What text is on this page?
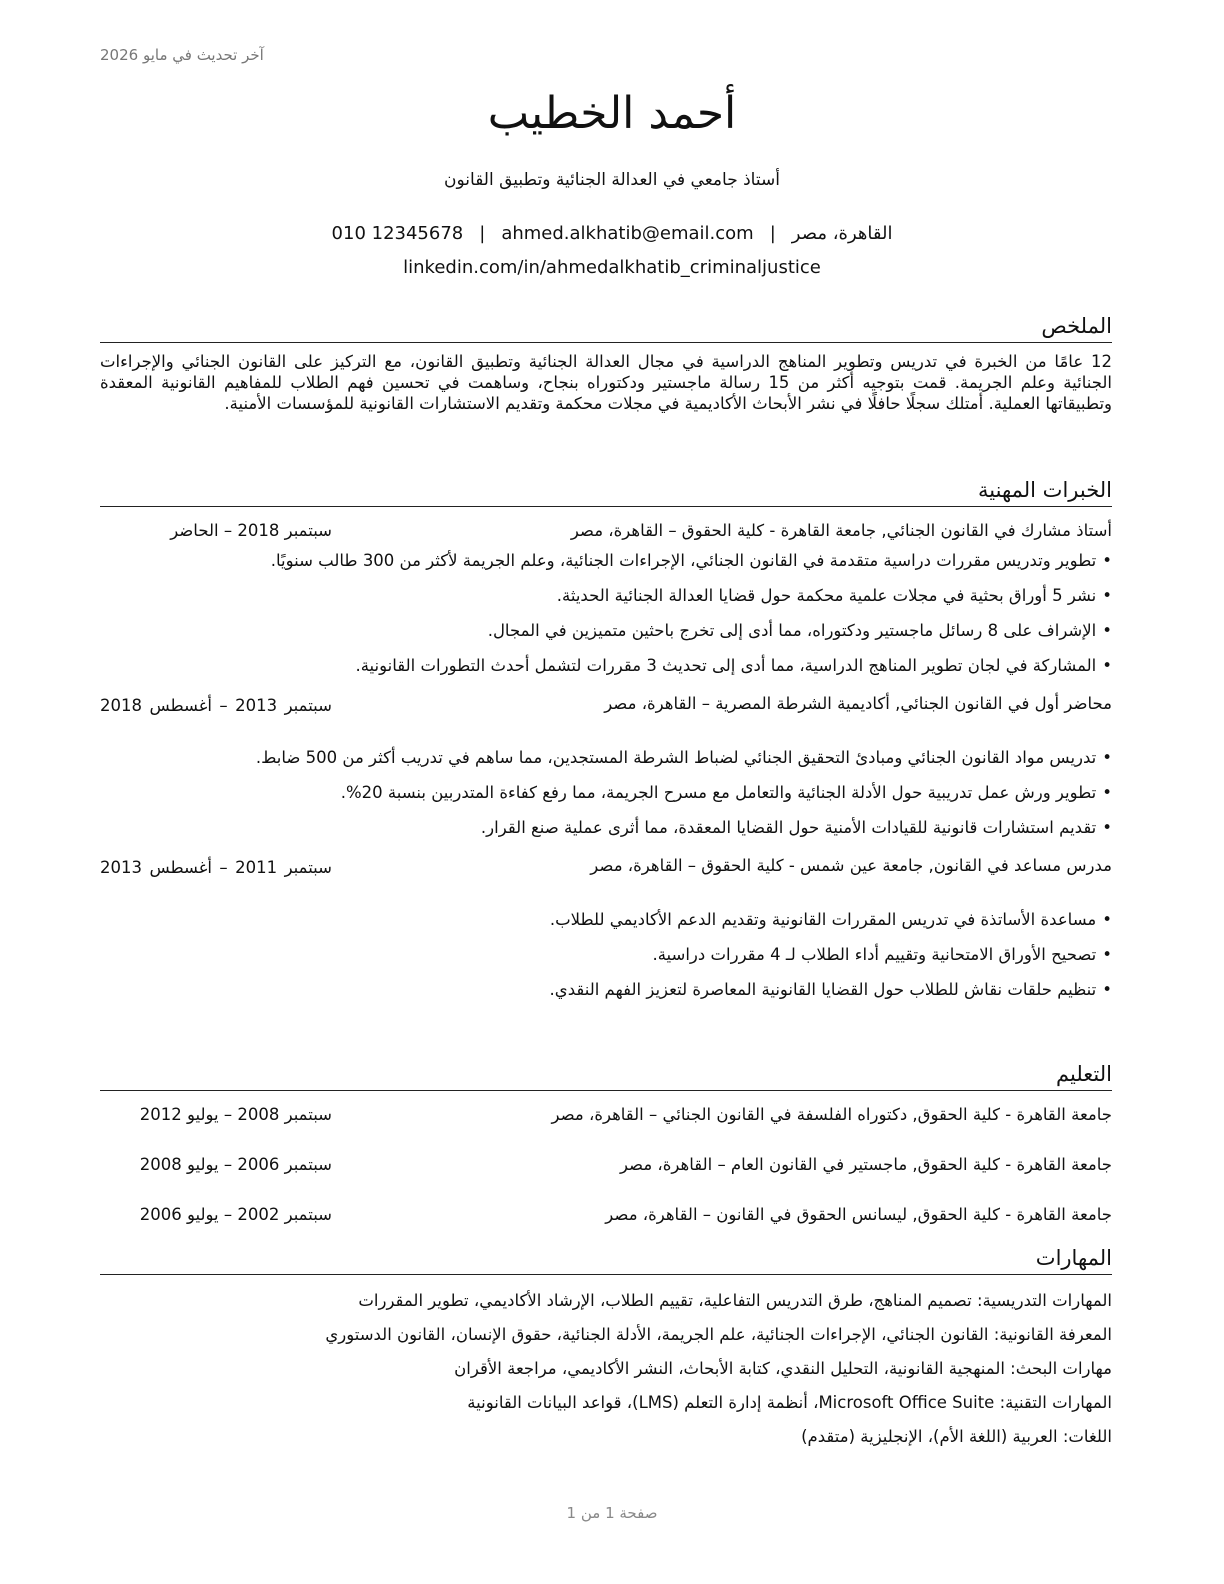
آخر تحديث في مايو 2026
أحمد الخطيب
أستاذ جامعي في العدالة الجنائية وتطبيق القانون
القاهرة، مصر|ahmed.alkhatib@email.com|010 12345678
linkedin.com/in/ahmedalkhatib_criminaljustice
الملخص
12 عامًا من الخبرة في تدريس وتطوير المناهج الدراسية في مجال العدالة الجنائية وتطبيق القانون، مع التركيز على القانون الجنائي والإجراءات الجنائية وعلم الجريمة. قمت بتوجيه أكثر من 15 رسالة ماجستير ودكتوراه بنجاح، وساهمت في تحسين فهم الطلاب للمفاهيم القانونية المعقدة وتطبيقاتها العملية. أمتلك سجلًا حافلًا في نشر الأبحاث الأكاديمية في مجلات محكمة وتقديم الاستشارات القانونية للمؤسسات الأمنية.
الخبرات المهنية
أستاذ مشارك في القانون الجنائي, جامعة القاهرة - كلية الحقوق – القاهرة، مصر
سبتمبر 2018 – الحاضر
•تطوير وتدريس مقررات دراسية متقدمة في القانون الجنائي، الإجراءات الجنائية، وعلم الجريمة لأكثر من 300 طالب سنويًا.
•نشر 5 أوراق بحثية في مجلات علمية محكمة حول قضايا العدالة الجنائية الحديثة.
•الإشراف على 8 رسائل ماجستير ودكتوراه، مما أدى إلى تخرج باحثين متميزين في المجال.
•المشاركة في لجان تطوير المناهج الدراسية، مما أدى إلى تحديث 3 مقررات لتشمل أحدث التطورات القانونية.
محاضر أول في القانون الجنائي, أكاديمية الشرطة المصرية – القاهرة، مصر
سبتمبر 2013 – أغسطس 2018
•تدريس مواد القانون الجنائي ومبادئ التحقيق الجنائي لضباط الشرطة المستجدين، مما ساهم في تدريب أكثر من 500 ضابط.
•تطوير ورش عمل تدريبية حول الأدلة الجنائية والتعامل مع مسرح الجريمة، مما رفع كفاءة المتدربين بنسبة 20%.
•تقديم استشارات قانونية للقيادات الأمنية حول القضايا المعقدة، مما أثرى عملية صنع القرار.
مدرس مساعد في القانون, جامعة عين شمس - كلية الحقوق – القاهرة، مصر
سبتمبر 2011 – أغسطس 2013
•مساعدة الأساتذة في تدريس المقررات القانونية وتقديم الدعم الأكاديمي للطلاب.
•تصحيح الأوراق الامتحانية وتقييم أداء الطلاب لـ 4 مقررات دراسية.
•تنظيم حلقات نقاش للطلاب حول القضايا القانونية المعاصرة لتعزيز الفهم النقدي.
التعليم
جامعة القاهرة - كلية الحقوق, دكتوراه الفلسفة في القانون الجنائي – القاهرة، مصر
سبتمبر 2008 – يوليو 2012
جامعة القاهرة - كلية الحقوق, ماجستير في القانون العام – القاهرة، مصر
سبتمبر 2006 – يوليو 2008
جامعة القاهرة - كلية الحقوق, ليسانس الحقوق في القانون – القاهرة، مصر
سبتمبر 2002 – يوليو 2006
المهارات
المهارات التدريسية: تصميم المناهج، طرق التدريس التفاعلية، تقييم الطلاب، الإرشاد الأكاديمي، تطوير المقررات
المعرفة القانونية: القانون الجنائي، الإجراءات الجنائية، علم الجريمة، الأدلة الجنائية، حقوق الإنسان، القانون الدستوري
مهارات البحث: المنهجية القانونية، التحليل النقدي، كتابة الأبحاث، النشر الأكاديمي، مراجعة الأقران
المهارات التقنية: Microsoft Office Suite، أنظمة إدارة التعلم (LMS)، قواعد البيانات القانونية
اللغات: العربية (اللغة الأم)، الإنجليزية (متقدم)
صفحة 1 من 1
